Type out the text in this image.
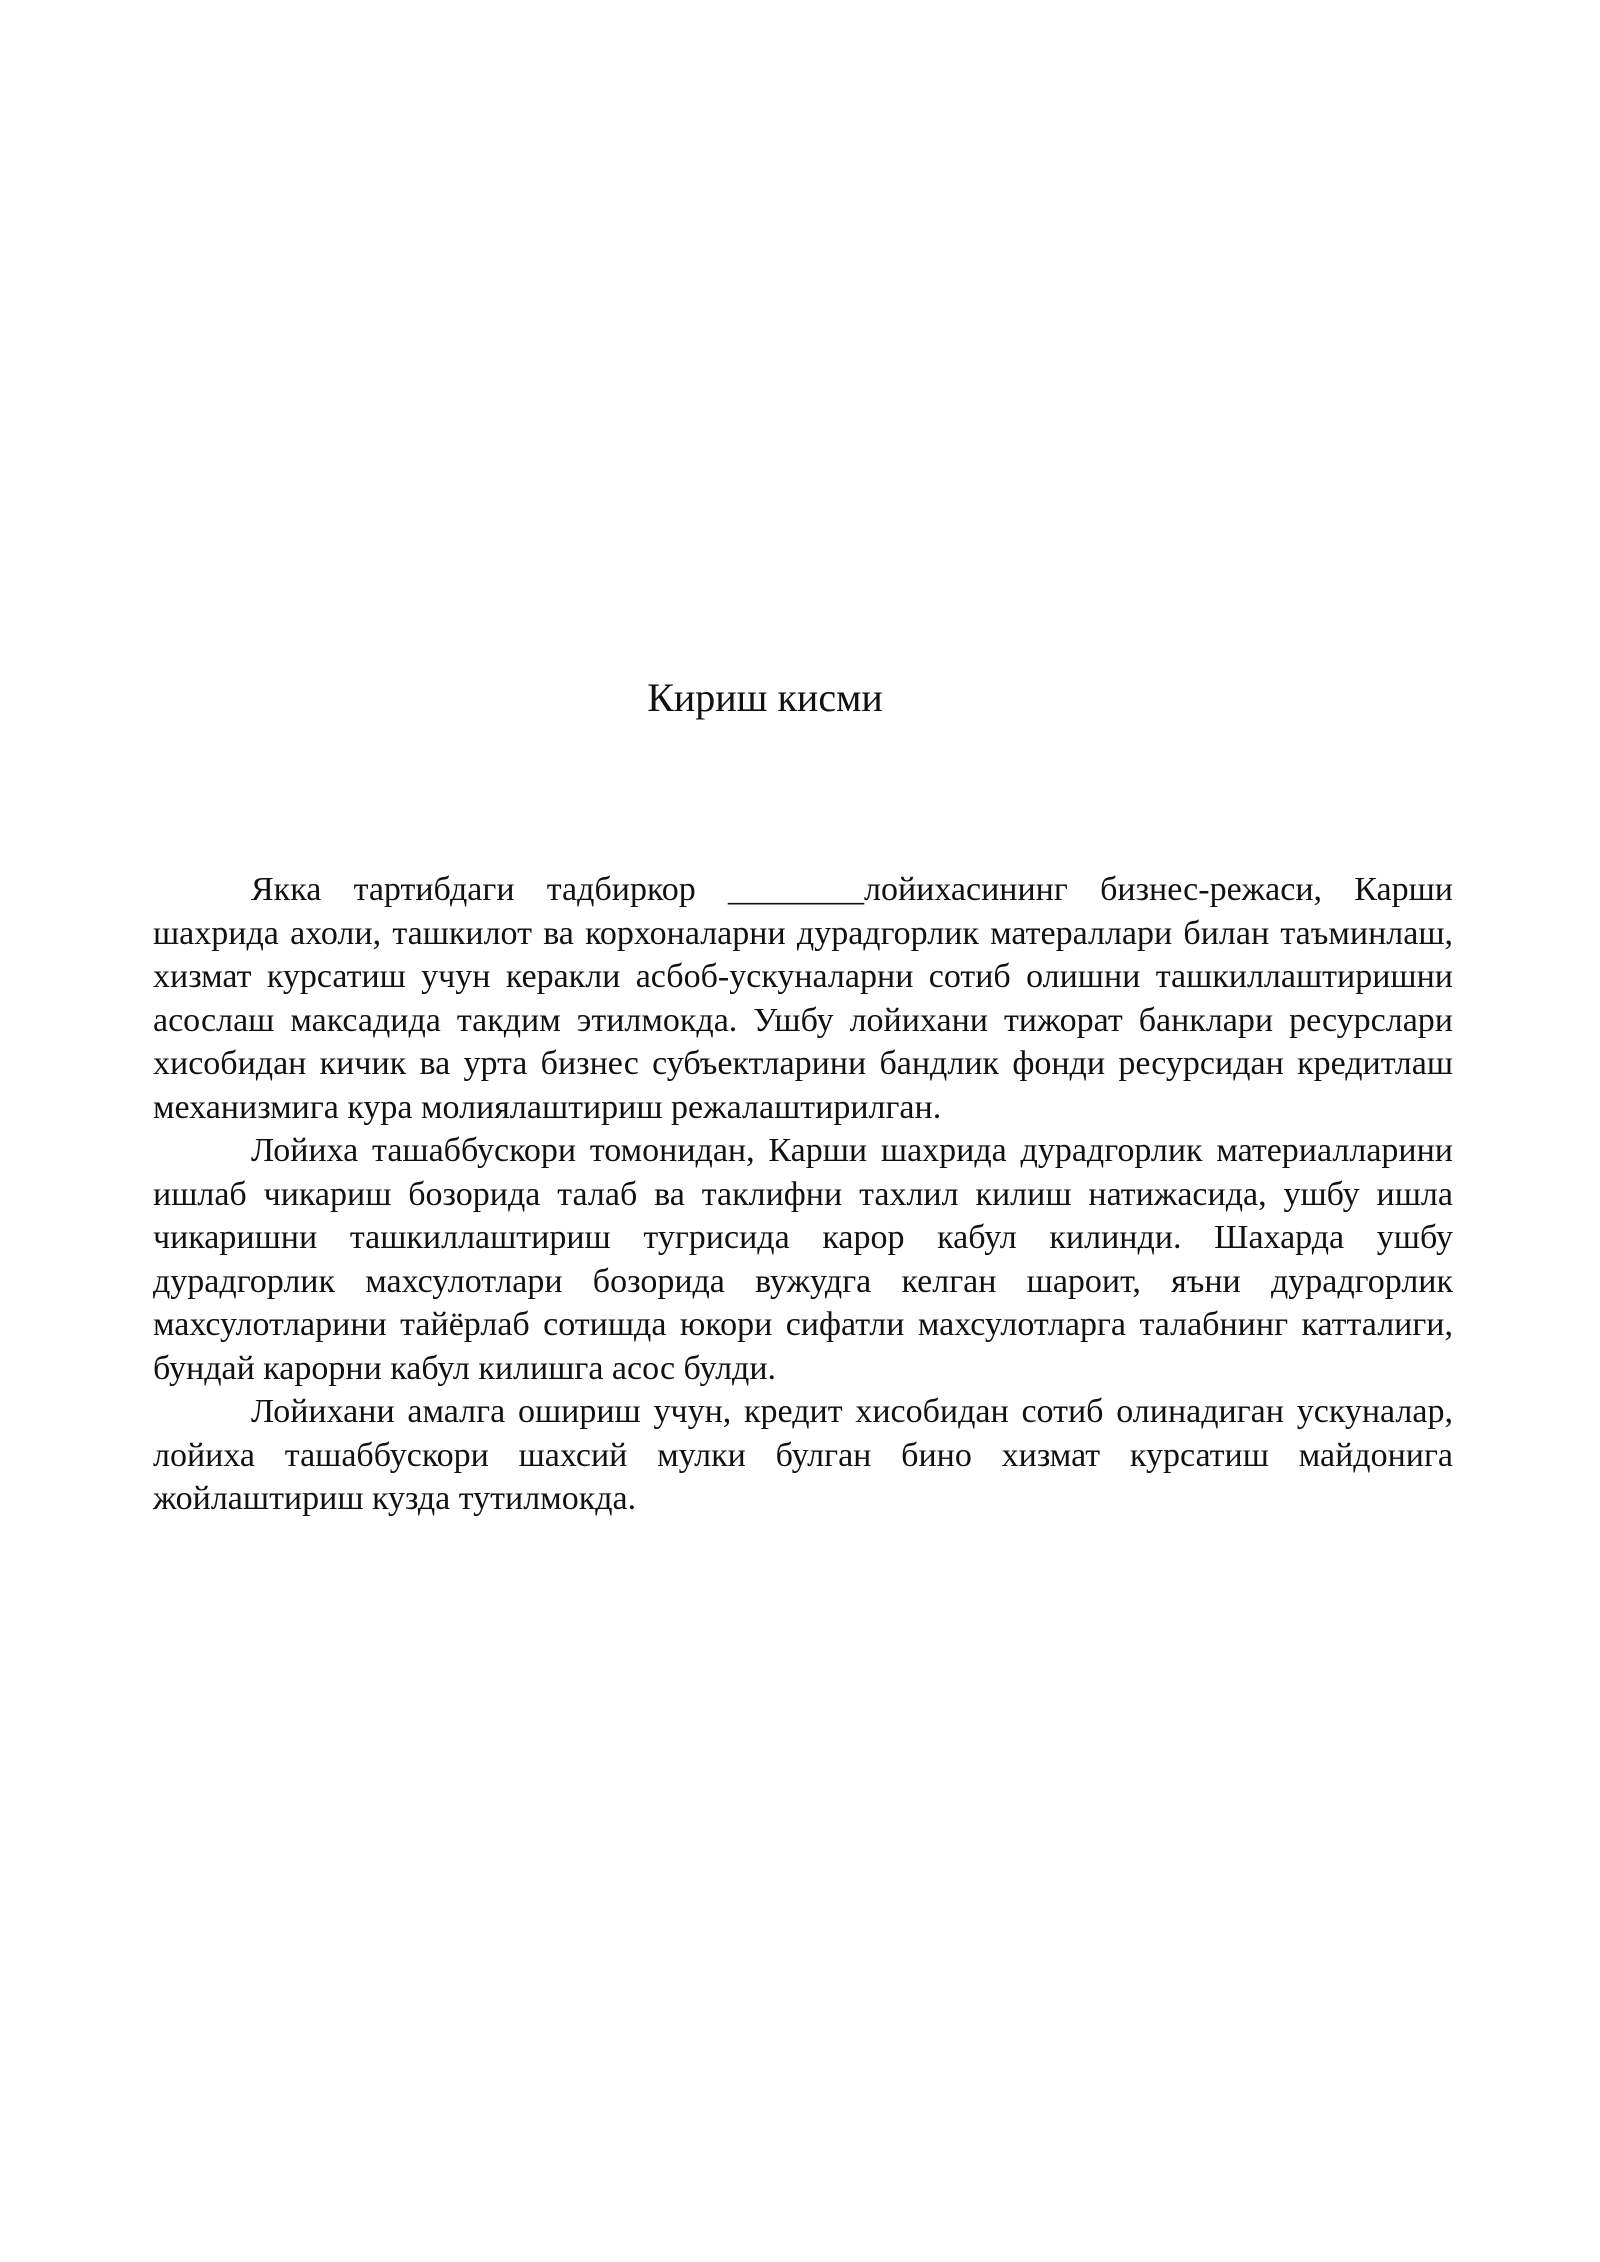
Кириш кисми

Якка тартибдаги тадбиркор ________лойихасининг бизнес-режаси, Карши шахрида ахоли, ташкилот ва корхоналарни дурадгорлик матераллари билан таъминлаш, хизмат курсатиш учун керакли асбоб-ускуналарни сотиб олишни ташкиллаштиришни асослаш максадида такдим этилмокда. Ушбу лойихани тижорат банклари ресурслари хисобидан кичик ва урта бизнес субъектларини бандлик фонди ресурсидан кредитлаш механизмига кура молиялаштириш режалаштирилган.

Лойиха ташаббускори томонидан, Карши шахрида дурадгорлик материалларини ишлаб чикариш бозорида талаб ва таклифни тахлил килиш натижасида, ушбу ишла чикаришни ташкиллаштириш тугрисида карор кабул килинди. Шахарда ушбу дурадгорлик махсулотлари бозорида вужудга келган шароит, яъни дурадгорлик махсулотларини тайёрлаб сотишда юкори сифатли махсулотларга талабнинг катталиги, бундай карорни кабул килишга асос булди.

Лойихани амалга ошириш учун, кредит хисобидан сотиб олинадиган ускуналар, лойиха ташаббускори шахсий мулки булган бино хизмат курсатиш майдонига жойлаштириш кузда тутилмокда.
